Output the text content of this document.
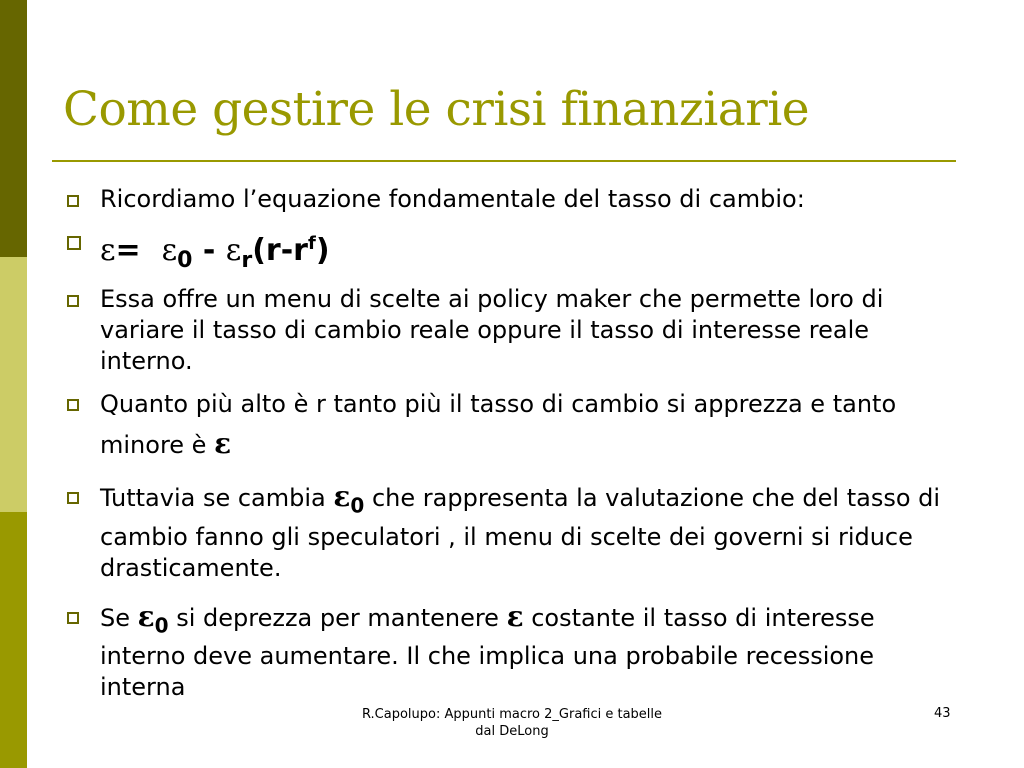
Come gestire le crisi finanziarie
Ricordiamo l’equazione fondamentale del tasso di cambio:
$\varepsilon= \varepsilon_0 - \varepsilon_r(r-r^f)$
Essa offre un menu di scelte ai policy maker che permette loro di variare il tasso di cambio reale oppure il tasso di interesse reale interno.
Quanto più alto è r tanto più il tasso di cambio si apprezza e tanto minore è ε
Tuttavia se cambia $\varepsilon_0$ che rappresenta la valutazione che del tasso di cambio fanno gli speculatori , il menu di scelte dei governi si riduce drasticamente.
Se $\varepsilon_0$ si deprezza per mantenere ε costante il tasso di interesse interno deve aumentare. Il che implica una probabile recessione interna
R.Capolupo: Appunti macro 2_Grafici e tabelle dal DeLong
43
